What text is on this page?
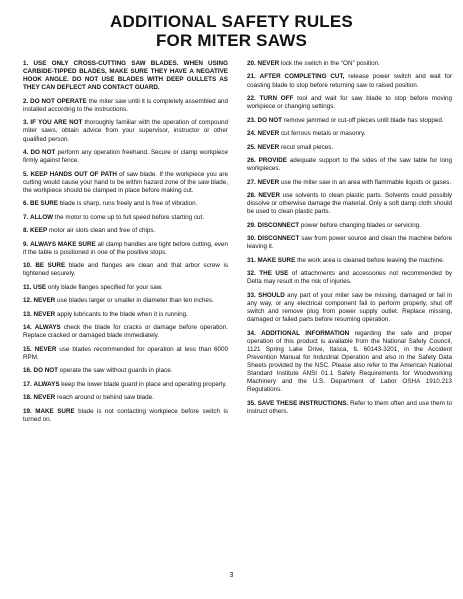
ADDITIONAL SAFETY RULES
FOR MITER SAWS

1. USE ONLY CROSS-CUTTING SAW BLADES. WHEN USING CARBIDE-TIPPED BLADES, MAKE SURE THEY HAVE A NEGATIVE HOOK ANGLE. DO NOT USE BLADES WITH DEEP GULLETS AS THEY CAN DEFLECT AND CONTACT GUARD.

2. DO NOT OPERATE the miter saw until it is completely assembled and installed according to the instructions.

3. IF YOU ARE NOT thoroughly familiar with the operation of compound miter saws, obtain advice from your supervisor, instructor or other qualified person.

4. DO NOT perform any operation freehand. Secure or clamp workpiece firmly against fence.

5. KEEP HANDS OUT OF PATH of saw blade. If the workpiece you are cutting would cause your hand to be within hazard zone of the saw blade, the workpiece should be clamped in place before making cut.

6. BE SURE blade is sharp, runs freely and is free of vibration.

7. ALLOW the motor to come up to full speed before starting cut.

8. KEEP motor air slots clean and free of chips.

9. ALWAYS MAKE SURE all clamp handles are tight before cutting, even if the table is positioned in one of the positive stops.

10. BE SURE blade and flanges are clean and that arbor screw is tightened securely.

11. USE only blade flanges specified for your saw.

12. NEVER use blades larger or smaller in diameter than ten inches.

13. NEVER apply lubricants to the blade when it is running.

14. ALWAYS check the blade for cracks or damage before operation. Replace cracked or damaged blade immediately.

15. NEVER use blades recommended for operation at less than 6000 RPM.

16. DO NOT operate the saw without guards in place.

17. ALWAYS keep the lower blade guard in place and operating properly.

18. NEVER reach around or behind saw blade.

19. MAKE SURE blade is not contacting workpiece before switch is turned on.

20. NEVER lock the switch in the "ON" position.

21. AFTER COMPLETING CUT, release power switch and wait for coasting blade to stop before returning saw to raised position.

22. TURN OFF tool and wait for saw blade to stop before moving workpiece or changing settings.

23. DO NOT remove jammed or cut-off pieces until blade has stopped.

24. NEVER cut ferrous metals or masonry.

25. NEVER recut small pieces.

26. PROVIDE adequate support to the sides of the saw table for long workpieces.

27. NEVER use the miter saw in an area with flammable liquids or gases.

28. NEVER use solvents to clean plastic parts. Solvents could possibly dissolve or otherwise damage the material. Only a soft damp cloth should be used to clean plastic parts.

29. DISCONNECT power before changing blades or servicing.

30. DISCONNECT saw from power source and clean the machine before leaving it.

31. MAKE SURE the work area is cleaned before leaving the machine.

32. THE USE of attachments and accessories not recommended by Delta may result in the risk of injuries.

33. SHOULD any part of your miter saw be missing, damaged or fail in any way, or any electrical component fail to perform properly, shut off switch and remove plug from power supply outlet. Replace missing, damaged or failed parts before resuming operation.

34. ADDITIONAL INFORMATION regarding the safe and proper operation of this product is available from the National Safety Council, 1121 Spring Lake Drive, Itasca, IL 60143-3201, in the Accident Prevention Manual for Industrial Operation and also in the Safety Data Sheets provided by the NSC. Please also refer to the American National Standard Institute ANSI 01.1 Safety Requirements for Woodworking Machinery and the U.S. Department of Labor OSHA 1910.213 Regulations.

35. SAVE THESE INSTRUCTIONS. Refer to them often and use them to instruct others.

3
